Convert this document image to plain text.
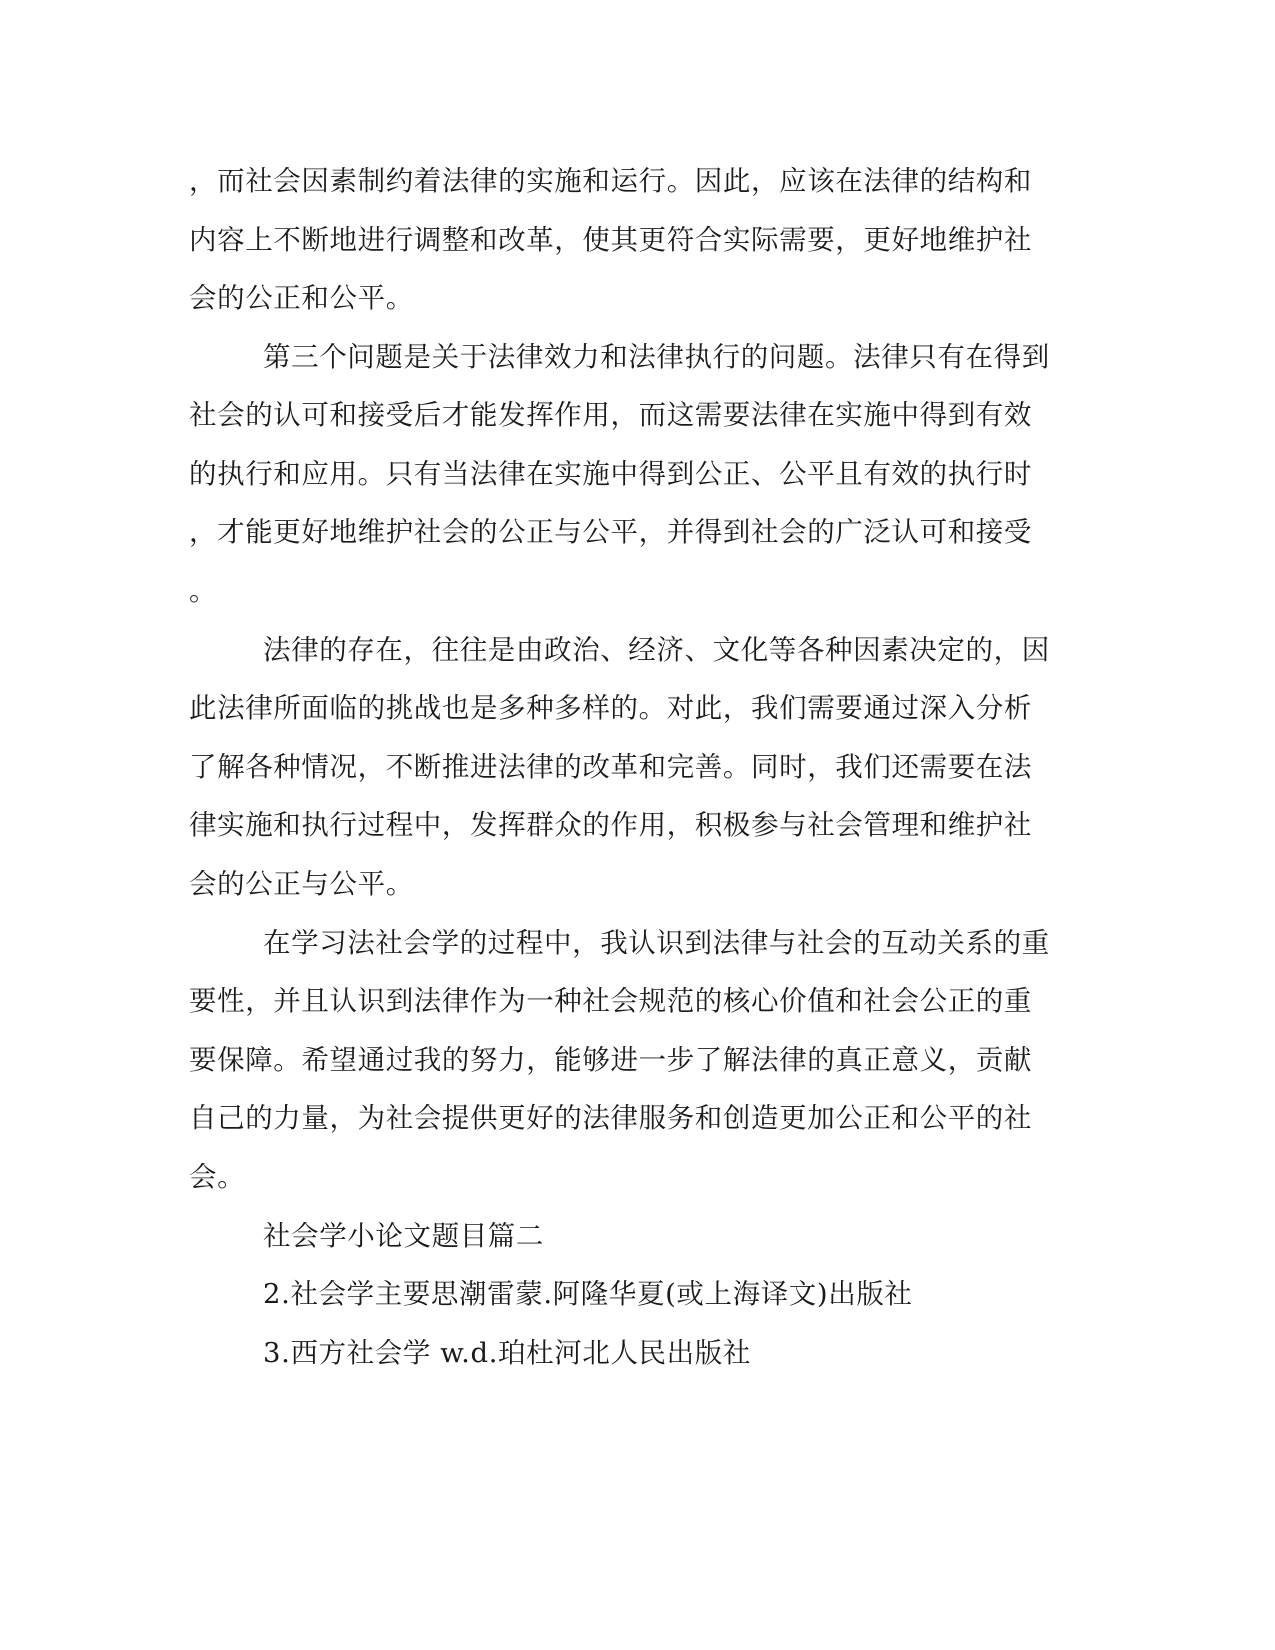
，而社会因素制约着法律的实施和运行。因此，应该在法律的结构和
内容上不断地进行调整和改革，使其更符合实际需要，更好地维护社
会的公正和公平。
第三个问题是关于法律效力和法律执行的问题。法律只有在得到
社会的认可和接受后才能发挥作用，而这需要法律在实施中得到有效
的执行和应用。只有当法律在实施中得到公正、公平且有效的执行时
，才能更好地维护社会的公正与公平，并得到社会的广泛认可和接受
。
法律的存在，往往是由政治、经济、文化等各种因素决定的，因
此法律所面临的挑战也是多种多样的。对此，我们需要通过深入分析
了解各种情况，不断推进法律的改革和完善。同时，我们还需要在法
律实施和执行过程中，发挥群众的作用，积极参与社会管理和维护社
会的公正与公平。
在学习法社会学的过程中，我认识到法律与社会的互动关系的重
要性，并且认识到法律作为一种社会规范的核心价值和社会公正的重
要保障。希望通过我的努力，能够进一步了解法律的真正意义，贡献
自己的力量，为社会提供更好的法律服务和创造更加公正和公平的社
会。
社会学小论文题目篇二
2.社会学主要思潮雷蒙.阿隆华夏(或上海译文)出版社
3.西方社会学 w.d.珀杜河北人民出版社
